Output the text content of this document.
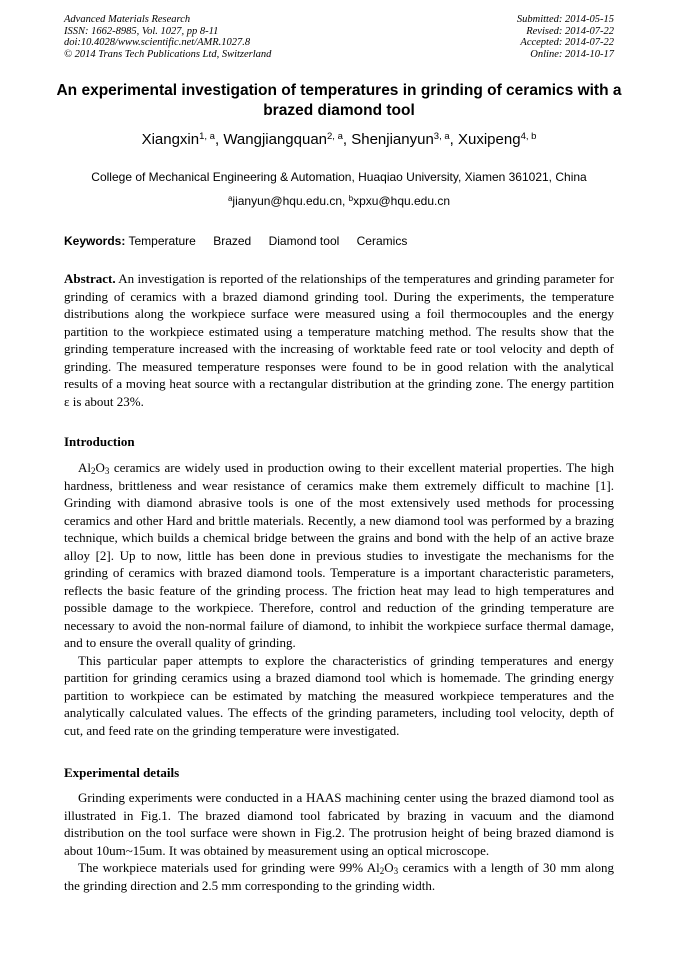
Advanced Materials Research
ISSN: 1662-8985, Vol. 1027, pp 8-11
doi:10.4028/www.scientific.net/AMR.1027.8
© 2014 Trans Tech Publications Ltd, Switzerland
Submitted: 2014-05-15
Revised: 2014-07-22
Accepted: 2014-07-22
Online: 2014-10-17
An experimental investigation of temperatures in grinding of ceramics with a brazed diamond tool
Xiangxin$^{1, a}$, Wangjiangquan$^{2, a}$, Shenjianyun$^{3, a}$, Xuxipeng$^{4, b}$
College of Mechanical Engineering & Automation, Huaqiao University, Xiamen 361021, China
$^a$jianyun@hqu.edu.cn, $^b$xpxu@hqu.edu.cn
Keywords: Temperature Brazed Diamond tool Ceramics

Abstract. An investigation is reported of the relationships of the temperatures and grinding parameter for grinding of ceramics with a brazed diamond grinding tool. During the experiments, the temperature distributions along the workpiece surface were measured using a foil thermocouples and the energy partition to the workpiece estimated using a temperature matching method. The results show that the grinding temperature increased with the increasing of worktable feed rate or tool velocity and depth of grinding. The measured temperature responses were found to be in good relation with the analytical results of a moving heat source with a rectangular distribution at the grinding zone. The energy partition ε is about 23%.

Introduction

$Al_2O_3$ ceramics are widely used in production owing to their excellent material properties. The high hardness, brittleness and wear resistance of ceramics make them extremely difficult to machine [1]. Grinding with diamond abrasive tools is one of the most extensively used methods for processing ceramics and other Hard and brittle materials. Recently, a new diamond tool was performed by a brazing technique, which builds a chemical bridge between the grains and bond with the help of an active braze alloy [2]. Up to now, little has been done in previous studies to investigate the mechanisms for the grinding of ceramics with brazed diamond tools. Temperature is a important characteristic parameters, reflects the basic feature of the grinding process. The friction heat may lead to high temperatures and possible damage to the workpiece. Therefore, control and reduction of the grinding temperature are necessary to avoid the non-normal failure of diamond, to inhibit the workpiece surface thermal damage, and to ensure the overall quality of grinding.

This particular paper attempts to explore the characteristics of grinding temperatures and energy partition for grinding ceramics using a brazed diamond tool which is homemade. The grinding energy partition to workpiece can be estimated by matching the measured workpiece temperatures and the analytically calculated values. The effects of the grinding parameters, including tool velocity, depth of cut, and feed rate on the grinding temperature were investigated.

Experimental details

Grinding experiments were conducted in a HAAS machining center using the brazed diamond tool as illustrated in Fig.1. The brazed diamond tool fabricated by brazing in vacuum and the diamond distribution on the tool surface were shown in Fig.2. The protrusion height of being brazed diamond is about 10um~15um. It was obtained by measurement using an optical microscope.

The workpiece materials used for grinding were 99% $Al_2O_3$ ceramics with a length of 30 mm along the grinding direction and 2.5 mm corresponding to the grinding width.
